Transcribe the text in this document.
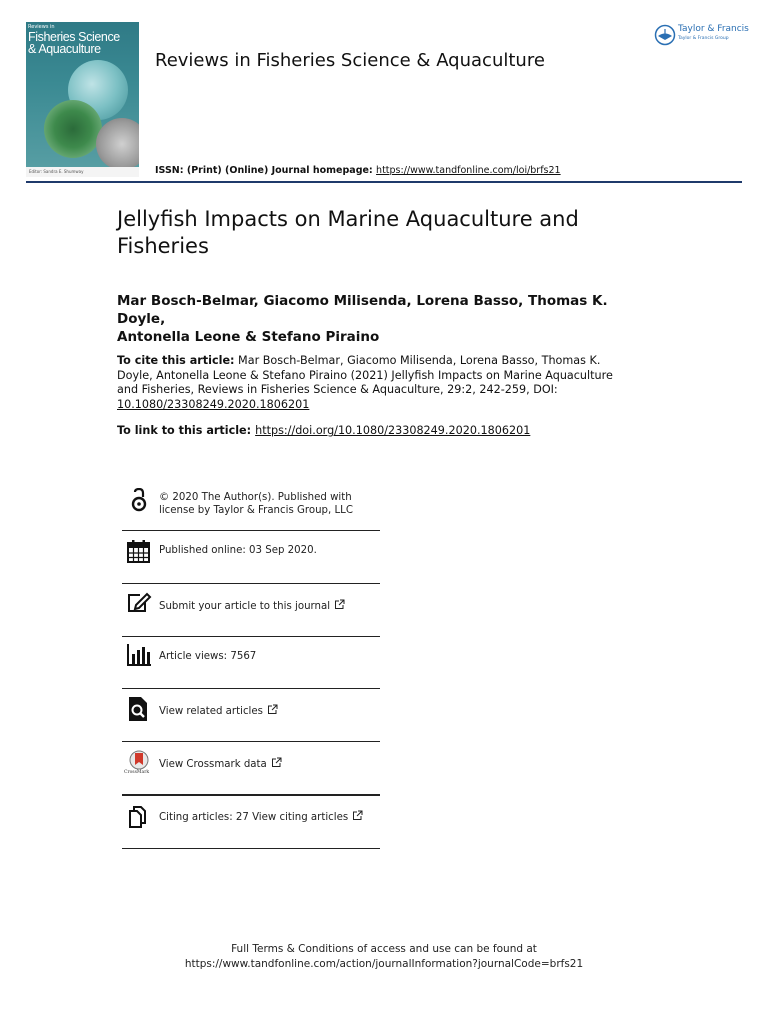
Reviews in
Fisheries Science
& Aquaculture
Editor: Sandra E. Shumway
Reviews in Fisheries Science & Aquaculture
ISSN: (Print) (Online) Journal homepage: https://www.tandfonline.com/loi/brfs21
Taylor & Francis
Taylor & Francis Group
Jellyfish Impacts on Marine Aquaculture and Fisheries
Mar Bosch-Belmar, Giacomo Milisenda, Lorena Basso, Thomas K. Doyle,
Antonella Leone & Stefano Piraino
To cite this article: Mar Bosch-Belmar, Giacomo Milisenda, Lorena Basso, Thomas K. Doyle, Antonella Leone & Stefano Piraino (2021) Jellyfish Impacts on Marine Aquaculture and Fisheries, Reviews in Fisheries Science & Aquaculture, 29:2, 242-259, DOI: 10.1080/23308249.2020.1806201
To link to this article: https://doi.org/10.1080/23308249.2020.1806201
© 2020 The Author(s). Published with
license by Taylor & Francis Group, LLC
Published online: 03 Sep 2020.
Submit your article to this journal
Article views: 7567
View related articles
CrossMark
View Crossmark data
Citing articles: 27 View citing articles
Full Terms & Conditions of access and use can be found at
https://www.tandfonline.com/action/journalInformation?journalCode=brfs21
